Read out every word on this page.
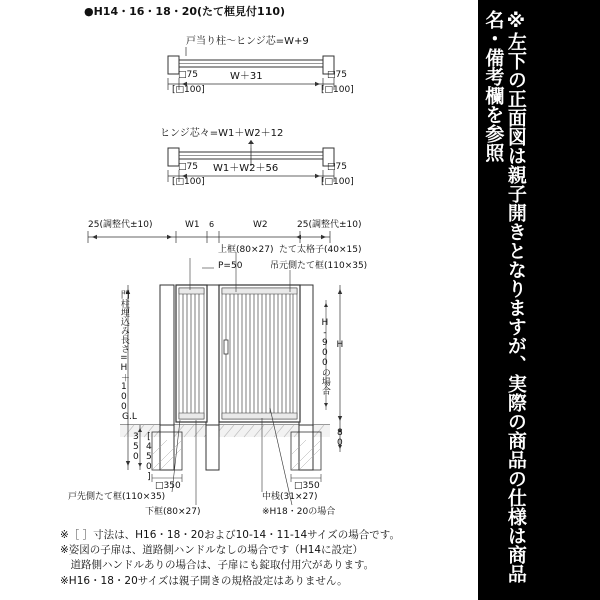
●H14・16・18・20(たて框見付110)
戸当り柱～ヒンジ芯=W+9
□75
[□100]
W＋31	□75
[□100]
ヒンジ芯々=W1＋W2＋12
□75
[□100]
W1＋W2＋56	□75
[□100]
25(調整代±10)	W1 6	W2	25(調整代±10)
上框(80×27)
P=50
たて太格子(40×15)
吊元側たて框(110×35)
門柱埋込み長さ=H＋100
350 [450]
G.L
H
H-900の場合
80
□350	□350
戸先側たて框(110×35)
下框(80×27)
中桟(31×27)
※H18・20の場合
※［ ］寸法は、H16・18・20および10-14・11-14サイズの場合です。
※姿図の子扉は、道路側ハンドルなしの場合です（H14に設定）
　道路側ハンドルありの場合は、子扉にも錠取付用穴があります。
※H16・18・20サイズは親子開きの規格設定はありません。	※左下の正面図は親子開きとなりますが、実際の商品の仕様は商品名・備考欄を参照
